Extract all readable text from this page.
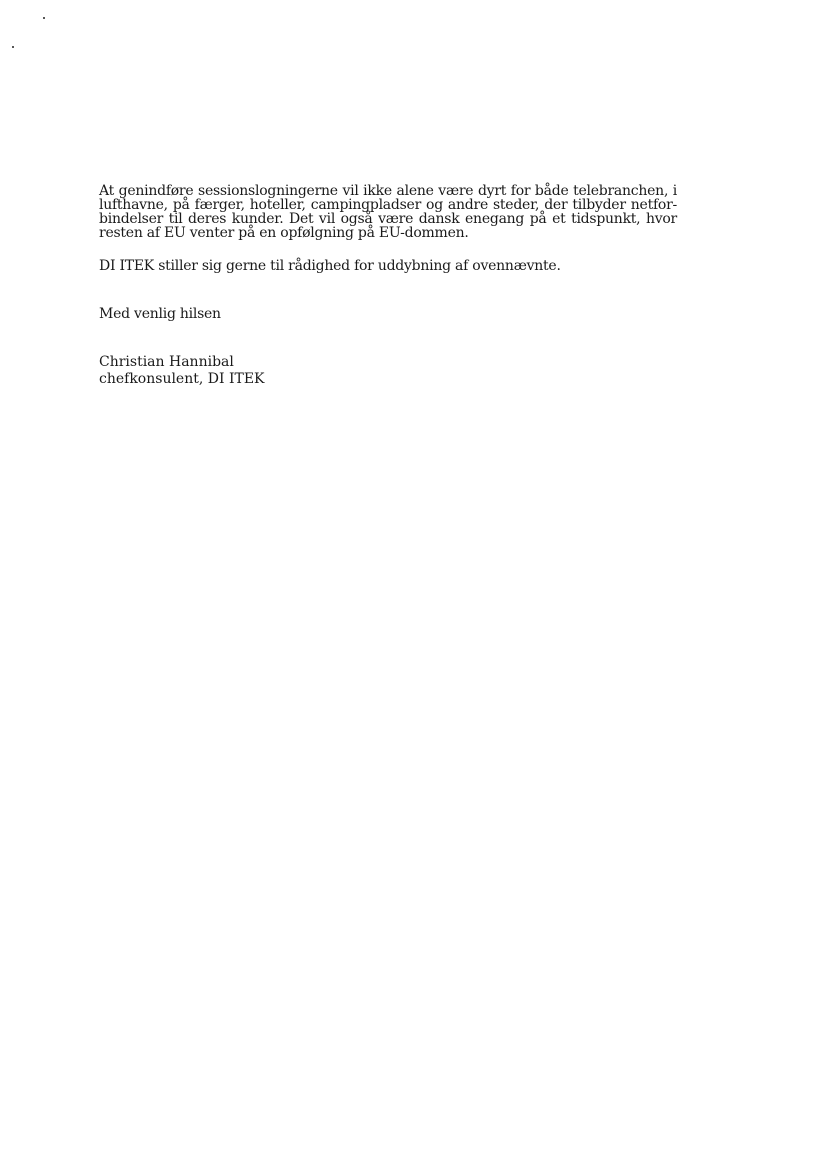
At genindføre sessionslogningerne vil ikke alene være dyrt for både telebranchen, i
lufthavne, på færger, hoteller, campingpladser og andre steder, der tilbyder netfor-
bindelser til deres kunder. Det vil også være dansk enegang på et tidspunkt, hvor
resten af EU venter på en opfølgning på EU-dommen.

DI ITEK stiller sig gerne til rådighed for uddybning af ovennævnte.

Med venlig hilsen

Christian Hannibal
chefkonsulent, DI ITEK
